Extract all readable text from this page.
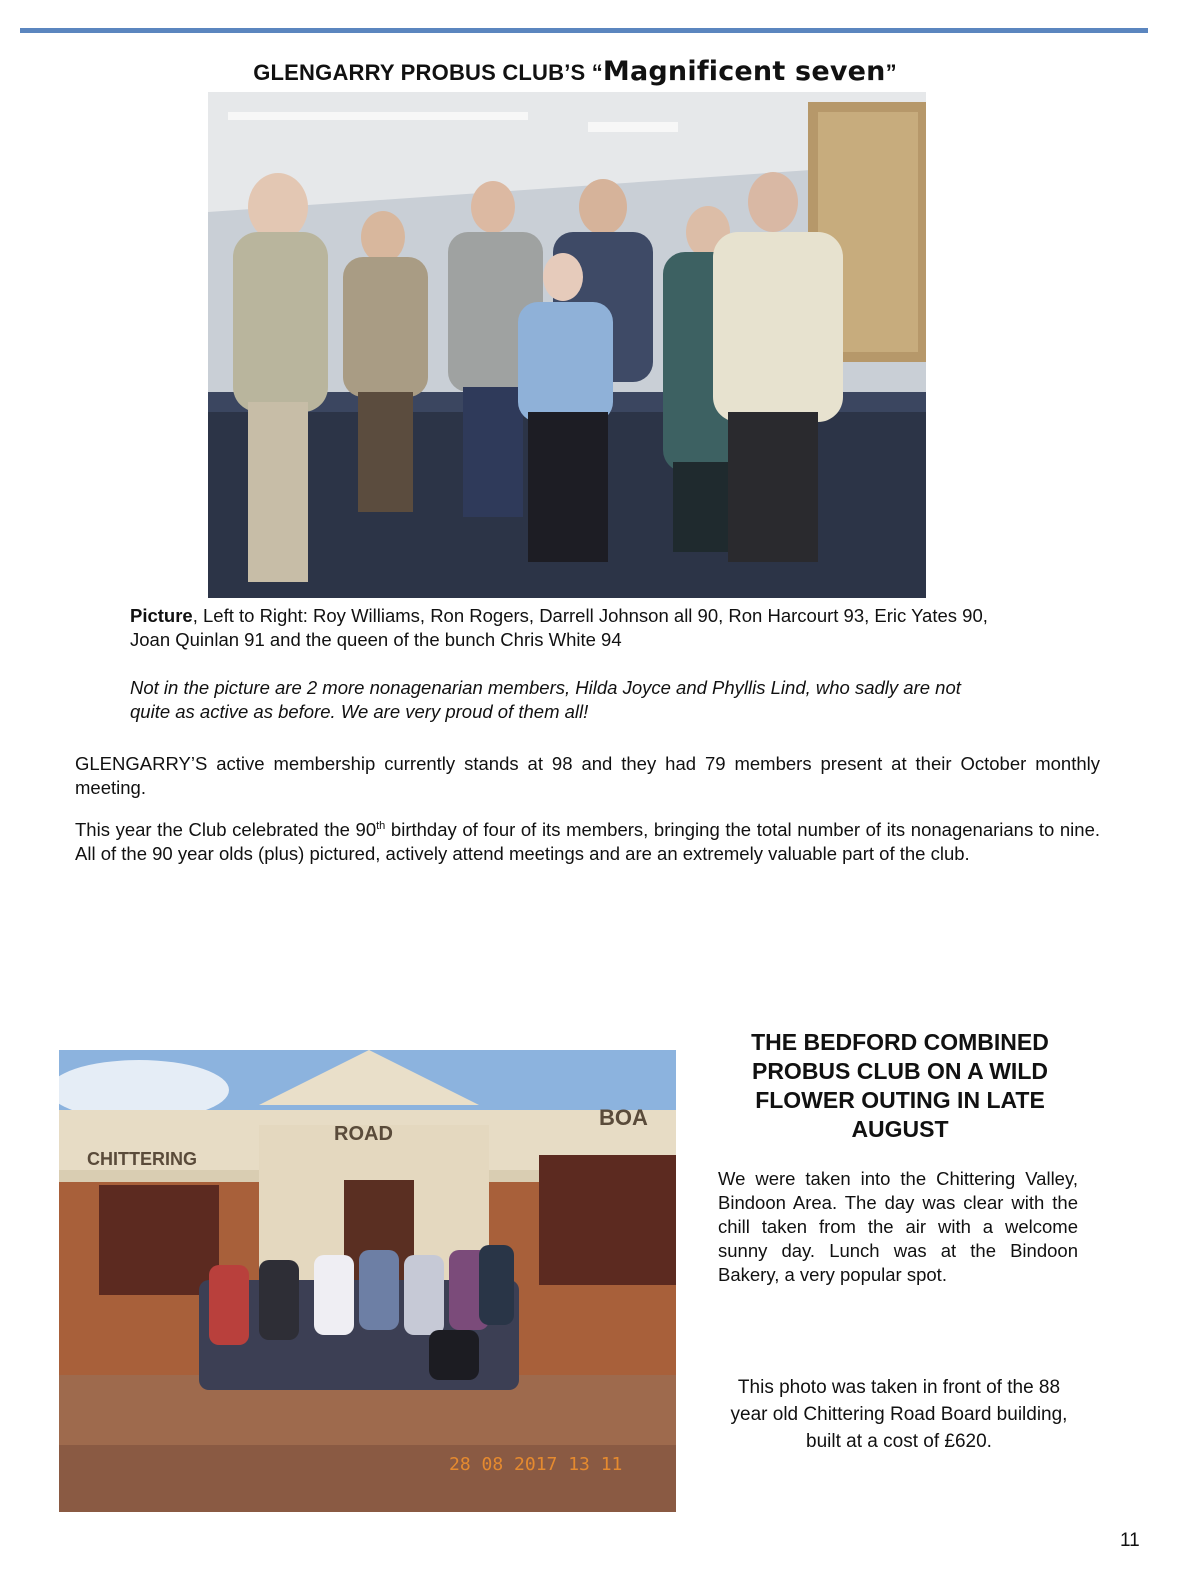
GLENGARRY PROBUS CLUB’S “Magnificent seven”
Picture, Left to Right: Roy Williams, Ron Rogers, Darrell Johnson all 90, Ron Harcourt 93, Eric Yates 90, Joan Quinlan 91 and the queen of the bunch Chris White 94
Not in the picture are 2 more nonagenarian members, Hilda Joyce and Phyllis Lind, who sadly are not quite as active as before. We are very proud of them all!
GLENGARRY’S active membership currently stands at 98 and they had 79 members present at their October monthly meeting.
This year the Club celebrated the 90th birthday of four of its members, bringing the total number of its nonagenarians to nine. All of the 90 year olds (plus) pictured, actively attend meetings and are an extremely valuable part of the club.
CHITTERING
ROAD
BOA
28 08 2017 13 11
THE BEDFORD COMBINED PROBUS CLUB ON A WILD FLOWER OUTING IN LATE AUGUST
We were taken into the Chittering Valley, Bindoon Area. The day was clear with the chill taken from the air with a welcome sunny day. Lunch was at the Bindoon Bakery, a very popular spot.
This photo was taken in front of the 88 year old Chittering Road Board building, built at a cost of £620.
11
